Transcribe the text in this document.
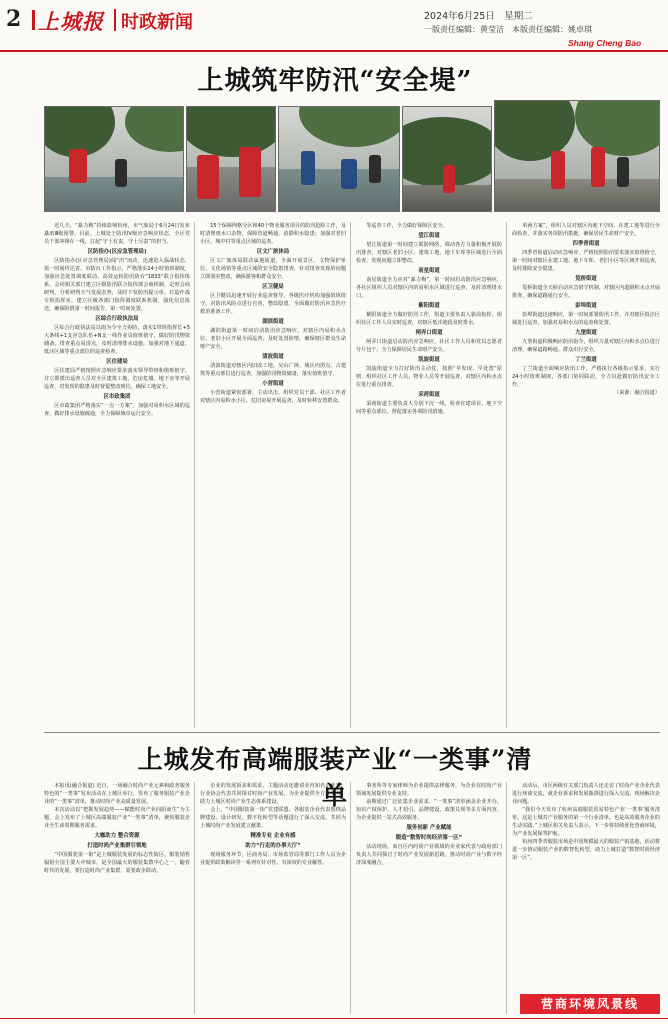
2 上城报 时政新闻	2024年6月25日　星期二
一版责任编辑：黄莹洁　本版责任编辑：姚卓琪
Shang Cheng Bao
上城筑牢防汛“安全堤”

近几天，“暴力梅”持续影响杭州，市气象局于6月24日发布暴雨Ⅲ级预警。目前，上城处于防汛IV级应急响应状态，全区党员干部冲锋在一线，扛起“守土有责、守土尽责”的担当。

区防指办(区应急管理局)

区防指办(区应急管理局)闻“汛”而动，迅速进入临战状态，第一时间传达省、市防台工作指示，严格落实24小时值班制度，加强应急处置调度联动。高效运转防汛防台“1833”联合指挥体系，会同相关部门建立区级防汛联合指挥部会商机制，定时会商研判，分析研判天气发展态势，及时下发防汛提示单。打造作战专班指挥室，建立区级各部门指挥调度联系机制，强化信息报送，确保险情第一时间报告、第一时间处置。

区综合行政执法局

区综合行政执法局以雨为令全力协防，落实1带班指挥长+5大条线+1支应急队伍+N支一线作业员值班值守，做好防汛物资储备，排查重点易涝点，及时清理排水设施，加强对地下通道、低洼区域等重点部位的巡查检查。

区住建局

区住建局严格按照应急响应要求落实领导带班和值班值守，并立即派出巡查人员对全区建筑工地、危房危墙、地下室等开展巡查，对发现的隐患及时督促整改到位，确保工地安全。

区市政集团

区市政集团严格落实“一点一方案”，加强对易积水区域的巡查，做好排水设施疏通，全力保障城市运行安全。

15个保障网格分区和40个物业服务项目的防汛抢险工作，及时清理雨水口杂物，保障管道畅通，消除积水隐患；加强对老旧小区、城中村等重点区域的巡查。

区文广旅体局

区文广旅体局联动属地街道，全面开展景区、文物保护单位、文化场馆等重点区域的安全隐患排查，针对排查发现的问题立即落实整改，确保游客和群众安全。

区卫健局

区卫健局迅速开展行业巡查督导，各级医疗机构加强值班值守，对防汛风险点进行自查，整改隐患，全面做好防汛应急医疗救治准备工作。

湖滨街道

湖滨街道第一时间启动防汛应急响应，对辖区内易积水点位、老旧小区开展全面巡查，及时处置险情，确保辖区群众生命财产安全。

清波街道

清波街道对辖区内旧改工地、吴山广场、城区内涝点、古建筑等重点部位进行巡查，加强防汛物资储备，落实值班值守。

小营街道

小营街道紧密部署、主动出击，组织党员干部、社区工作者对辖区内易积水小区、危旧房屋开展巡查，及时转移安置群众。

等巡查工作，全力做好保障区安全。

望江街道

望江街道第一时间建立联防网络，调动各方力量积极开展防汛排查，对辖区老旧小区、建筑工地、地下车库等区域进行全面检查，发现问题立即整改。

南星街道

南星街道全力应对“暴力梅”，第一时间启动防汛应急响应，各社区组织人员对辖区内的易积水区域进行巡查，及时清理排水口。

紫阳街道

紫阳街道全力做好防汛工作，街道主要负责人靠前指挥，组织社区工作人员实时巡查，对辖区低洼地段及时排水。

闸弄口街道

闸弄口街道启动防汛应急响应，社区工作人员和党员志愿者分片包干，全力保障居民生命财产安全。

凯旋街道

凯旋街道全力打好防汛主动仗，按照“早发现、早处置”原则，组织社区工作人员、物业人员等开展巡查，对辖区内积水点位进行重点排查。

采荷街道

采荷街道主要负责人分别下沉一线，检查在建项目、地下空间等重点部位，督促落实各项防汛措施。

单两方案”，组织人员对辖区内地下空间、在建工地等进行全面检查，并落实各项防汛措施，确保居民生命财产安全。

四季青街道

四季青街道启动应急响应，严格按照防汛要求落实值班值守，第一时间对辖区在建工地、地下车库、老旧小区等区域开展巡查，及时排除安全隐患。

笕桥街道

笕桥街道全天候启动应急值守机制，对辖区内道路积水点开展排查，确保道路通行安全。

彭埠街道

彭埠街道迅速响应，第一时间部署防汛工作，并对辖区低洼区域进行巡查，加强对易积水点的巡查和处置。

九堡街道

九堡街道积极响应防汛指令，组织力量对辖区内积水点位进行清理，确保道路畅通、群众出行安全。

丁兰街道

丁兰街道全面响应防汛工作，严格执行各级指示要求，实行24小时值班制度，各部门协同联动，全力以赴做好防汛安全工作。

（来源：融合报道）

上城发布高端服装产业“一类事”清单

本报讯(融合报道) 近日，一场融合时尚产业元素和政务服务特色的“一类事”发布活动在上城区举行，发布了服务服装产业企业的“一类事”清单，推动时尚产业高质量发展。

本次活动以“把握发展趋势——赋能时尚产业向阳而生”为主题，会上发布了上城区高端服装产业“一类事”清单，聚焦服装企业全生命周期服务需求。

大咖助力 整合资源

打造时尚产业集群引领地

“中国服装第一街”是上城服装发展的标志性街区，服装销售辐射全国主要大中城市，是全国最大的服装集散中心之一。随着时代的发展，要打造时尚产业集群，需要政企联动。

企业的发展诉求和需求，主题活动还邀请业内知名企业家、行业协会代表共同探讨时尚产业发展，为企业提供全方位服务，助力上城区时尚产业生态体系建设。

会上，“中国服装第一街”党建联盟、各服装企业代表围绕品牌建设、设计研发、数字化转型等话题进行了深入交流，共同为上城时尚产业发展建言献策。

精准专业 企业有感

助力“行走的办事大厅”

现场服务环节，区商务局、市场监管局等部门工作人员为企业提供政策解读等一系列有针对性、有深度的专业解答。

事务所等专家律师为企业提供法律服务，为企业在时尚产业领域发展提供专业支持。

前期通过广泛征集企业需求，“一类事”清单涵盖企业开办、知识产权保护、人才招引、品牌建设、政策兑现等多方面内容，为企业提供一站式高效服务。

服务创新 产业赋能

锻造“数智时尚经济第一区”

活动现场，来自区内时尚产业领域的企业家代表与政府部门负责人共同探讨了时尚产业发展新思路，推动时尚产业与数字经济深度融合。

活动后，市区两级有关部门负责人还走访了时尚产业企业代表进行座谈交流，就企业诉求和发展瓶颈进行深入交流，现场解决企业问题。

“我们今天发布了杭州高端服装贸易特色产业‘一类事’服务清单，这是上城对产业服务的第一个行业清单，也是高效服务企业的生动实践。”上城区相关负责人表示，下一步将持续优化营商环境，为产业发展保驾护航。

杭州四季青服装市场是中国规模最大的服装产销基地，活动将进一步推动服装产业的数智化转型，助力上城打造“数智时尚经济第一区”。

营商环境风景线
